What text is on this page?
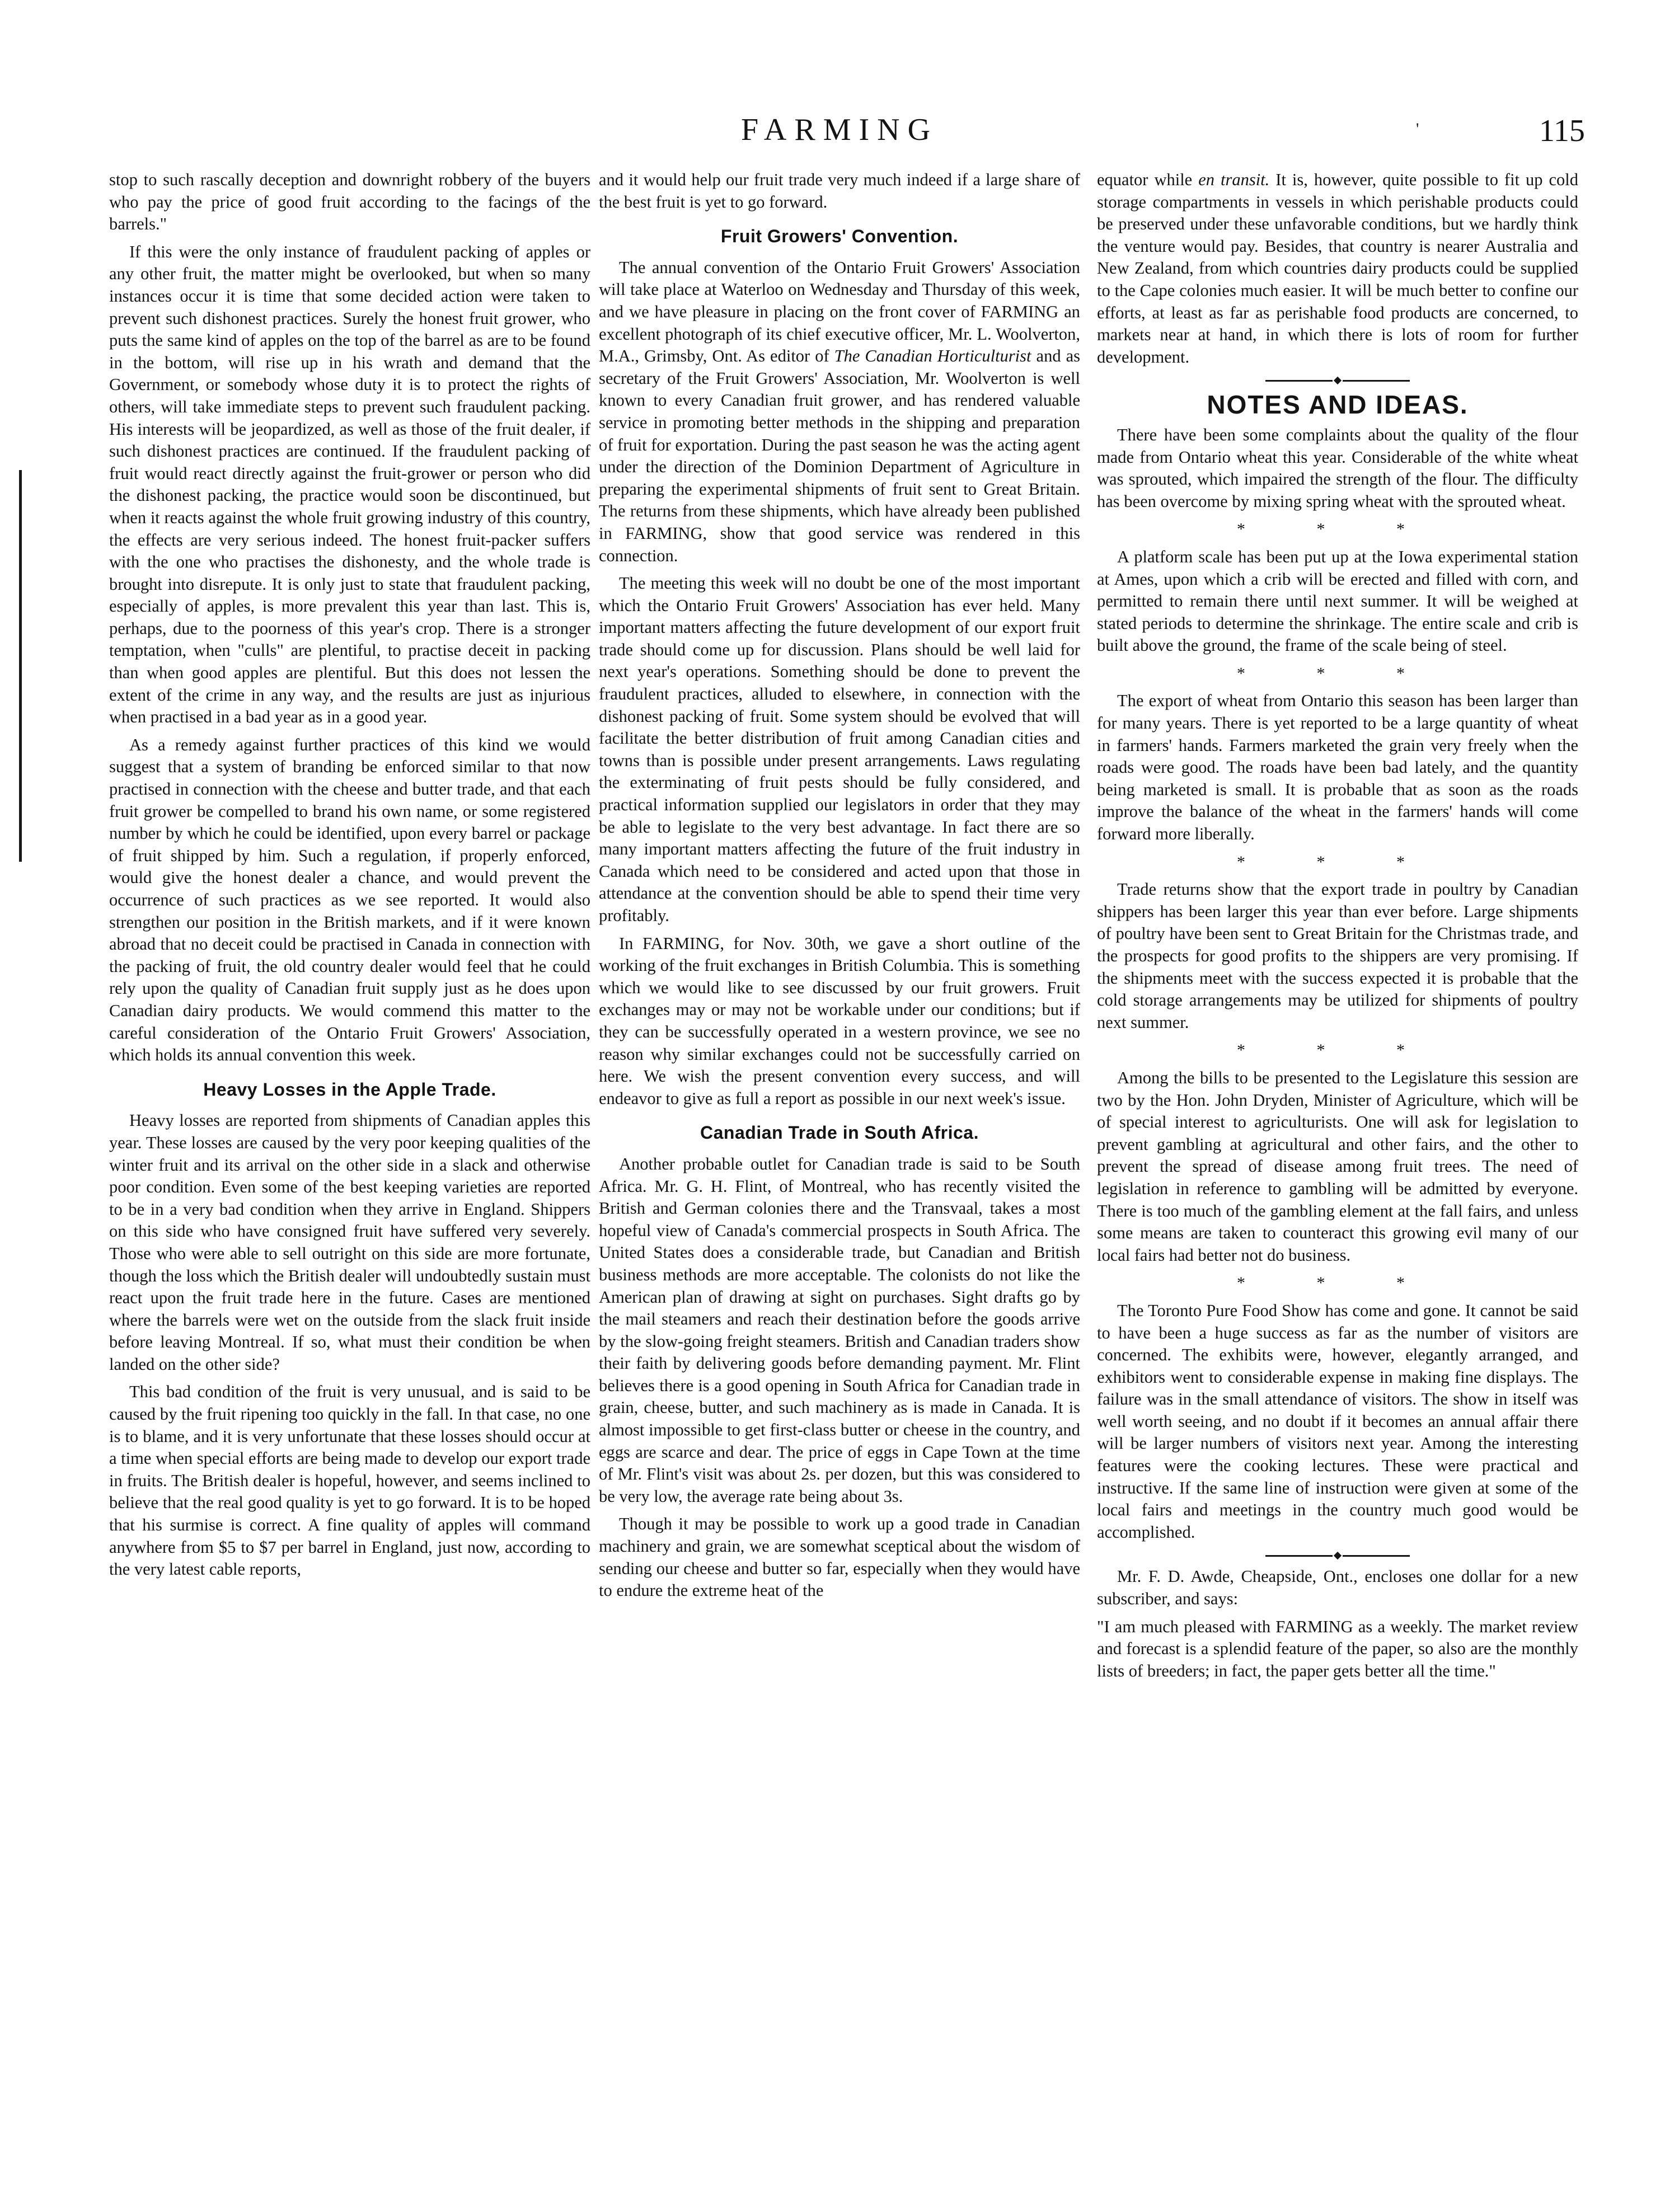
FARMING	'	115

stop to such rascally deception and downright robbery of the buyers who pay the price of good fruit according to the facings of the barrels."

If this were the only instance of fraudulent packing of apples or any other fruit, the matter might be overlooked, but when so many instances occur it is time that some decided action were taken to prevent such dishonest practices. Surely the honest fruit grower, who puts the same kind of apples on the top of the barrel as are to be found in the bottom, will rise up in his wrath and demand that the Government, or somebody whose duty it is to protect the rights of others, will take immediate steps to prevent such fraudulent packing. His interests will be jeopardized, as well as those of the fruit dealer, if such dishonest practices are continued. If the fraudulent packing of fruit would react directly against the fruit-grower or person who did the dishonest packing, the practice would soon be discontinued, but when it reacts against the whole fruit growing industry of this country, the effects are very serious indeed. The honest fruit-packer suffers with the one who practises the dishonesty, and the whole trade is brought into disrepute. It is only just to state that fraudulent packing, especially of apples, is more prevalent this year than last. This is, perhaps, due to the poorness of this year's crop. There is a stronger temptation, when "culls" are plentiful, to practise deceit in packing than when good apples are plentiful. But this does not lessen the extent of the crime in any way, and the results are just as injurious when practised in a bad year as in a good year.

As a remedy against further practices of this kind we would suggest that a system of branding be enforced similar to that now practised in connection with the cheese and butter trade, and that each fruit grower be compelled to brand his own name, or some registered number by which he could be identified, upon every barrel or package of fruit shipped by him. Such a regulation, if properly enforced, would give the honest dealer a chance, and would prevent the occurrence of such practices as we see reported. It would also strengthen our position in the British markets, and if it were known abroad that no deceit could be practised in Canada in connection with the packing of fruit, the old country dealer would feel that he could rely upon the quality of Canadian fruit supply just as he does upon Canadian dairy products. We would commend this matter to the careful consideration of the Ontario Fruit Growers' Association, which holds its annual convention this week.

Heavy Losses in the Apple Trade.

Heavy losses are reported from shipments of Canadian apples this year. These losses are caused by the very poor keeping qualities of the winter fruit and its arrival on the other side in a slack and otherwise poor condition. Even some of the best keeping varieties are reported to be in a very bad condition when they arrive in England. Shippers on this side who have consigned fruit have suffered very severely. Those who were able to sell outright on this side are more fortunate, though the loss which the British dealer will undoubtedly sustain must react upon the fruit trade here in the future. Cases are mentioned where the barrels were wet on the outside from the slack fruit inside before leaving Montreal. If so, what must their condition be when landed on the other side?

This bad condition of the fruit is very unusual, and is said to be caused by the fruit ripening too quickly in the fall. In that case, no one is to blame, and it is very unfortunate that these losses should occur at a time when special efforts are being made to develop our export trade in fruits. The British dealer is hopeful, however, and seems inclined to believe that the real good quality is yet to go forward. It is to be hoped that his surmise is correct. A fine quality of apples will command anywhere from $5 to $7 per barrel in England, just now, according to the very latest cable reports,

and it would help our fruit trade very much indeed if a large share of the best fruit is yet to go forward.

Fruit Growers' Convention.

The annual convention of the Ontario Fruit Growers' Association will take place at Waterloo on Wednesday and Thursday of this week, and we have pleasure in placing on the front cover of FARMING an excellent photograph of its chief executive officer, Mr. L. Woolverton, M.A., Grimsby, Ont. As editor of The Canadian Horticulturist and as secretary of the Fruit Growers' Association, Mr. Woolverton is well known to every Canadian fruit grower, and has rendered valuable service in promoting better methods in the shipping and preparation of fruit for exportation. During the past season he was the acting agent under the direction of the Dominion Department of Agriculture in preparing the experimental shipments of fruit sent to Great Britain. The returns from these shipments, which have already been published in FARMING, show that good service was rendered in this connection.

The meeting this week will no doubt be one of the most important which the Ontario Fruit Growers' Association has ever held. Many important matters affecting the future development of our export fruit trade should come up for discussion. Plans should be well laid for next year's operations. Something should be done to prevent the fraudulent practices, alluded to elsewhere, in connection with the dishonest packing of fruit. Some system should be evolved that will facilitate the better distribution of fruit among Canadian cities and towns than is possible under present arrangements. Laws regulating the exterminating of fruit pests should be fully considered, and practical information supplied our legislators in order that they may be able to legislate to the very best advantage. In fact there are so many important matters affecting the future of the fruit industry in Canada which need to be considered and acted upon that those in attendance at the convention should be able to spend their time very profitably.

In FARMING, for Nov. 30th, we gave a short outline of the working of the fruit exchanges in British Columbia. This is something which we would like to see discussed by our fruit growers. Fruit exchanges may or may not be workable under our conditions; but if they can be successfully operated in a western province, we see no reason why similar exchanges could not be successfully carried on here. We wish the present convention every success, and will endeavor to give as full a report as possible in our next week's issue.

Canadian Trade in South Africa.

Another probable outlet for Canadian trade is said to be South Africa. Mr. G. H. Flint, of Montreal, who has recently visited the British and German colonies there and the Transvaal, takes a most hopeful view of Canada's commercial prospects in South Africa. The United States does a considerable trade, but Canadian and British business methods are more acceptable. The colonists do not like the American plan of drawing at sight on purchases. Sight drafts go by the mail steamers and reach their destination before the goods arrive by the slow-going freight steamers. British and Canadian traders show their faith by delivering goods before demanding payment. Mr. Flint believes there is a good opening in South Africa for Canadian trade in grain, cheese, butter, and such machinery as is made in Canada. It is almost impossible to get first-class butter or cheese in the country, and eggs are scarce and dear. The price of eggs in Cape Town at the time of Mr. Flint's visit was about 2s. per dozen, but this was considered to be very low, the average rate being about 3s.

Though it may be possible to work up a good trade in Canadian machinery and grain, we are somewhat sceptical about the wisdom of sending our cheese and butter so far, especially when they would have to endure the extreme heat of the

equator while en transit. It is, however, quite possible to fit up cold storage compartments in vessels in which perishable products could be preserved under these unfavorable conditions, but we hardly think the venture would pay. Besides, that country is nearer Australia and New Zealand, from which countries dairy products could be supplied to the Cape colonies much easier. It will be much better to confine our efforts, at least as far as perishable food products are concerned, to markets near at hand, in which there is lots of room for further development.

NOTES AND IDEAS.

There have been some complaints about the quality of the flour made from Ontario wheat this year. Considerable of the white wheat was sprouted, which impaired the strength of the flour. The difficulty has been overcome by mixing spring wheat with the sprouted wheat.

* * *

A platform scale has been put up at the Iowa experimental station at Ames, upon which a crib will be erected and filled with corn, and permitted to remain there until next summer. It will be weighed at stated periods to determine the shrinkage. The entire scale and crib is built above the ground, the frame of the scale being of steel.

* * *

The export of wheat from Ontario this season has been larger than for many years. There is yet reported to be a large quantity of wheat in farmers' hands. Farmers marketed the grain very freely when the roads were good. The roads have been bad lately, and the quantity being marketed is small. It is probable that as soon as the roads improve the balance of the wheat in the farmers' hands will come forward more liberally.

* * *

Trade returns show that the export trade in poultry by Canadian shippers has been larger this year than ever before. Large shipments of poultry have been sent to Great Britain for the Christmas trade, and the prospects for good profits to the shippers are very promising. If the shipments meet with the success expected it is probable that the cold storage arrangements may be utilized for shipments of poultry next summer.

* * *

Among the bills to be presented to the Legislature this session are two by the Hon. John Dryden, Minister of Agriculture, which will be of special interest to agriculturists. One will ask for legislation to prevent gambling at agricultural and other fairs, and the other to prevent the spread of disease among fruit trees. The need of legislation in reference to gambling will be admitted by everyone. There is too much of the gambling element at the fall fairs, and unless some means are taken to counteract this growing evil many of our local fairs had better not do business.

* * *

The Toronto Pure Food Show has come and gone. It cannot be said to have been a huge success as far as the number of visitors are concerned. The exhibits were, however, elegantly arranged, and exhibitors went to considerable expense in making fine displays. The failure was in the small attendance of visitors. The show in itself was well worth seeing, and no doubt if it becomes an annual affair there will be larger numbers of visitors next year. Among the interesting features were the cooking lectures. These were practical and instructive. If the same line of instruction were given at some of the local fairs and meetings in the country much good would be accomplished.

Mr. F. D. Awde, Cheapside, Ont., encloses one dollar for a new subscriber, and says:

"I am much pleased with FARMING as a weekly. The market review and forecast is a splendid feature of the paper, so also are the monthly lists of breeders; in fact, the paper gets better all the time."
